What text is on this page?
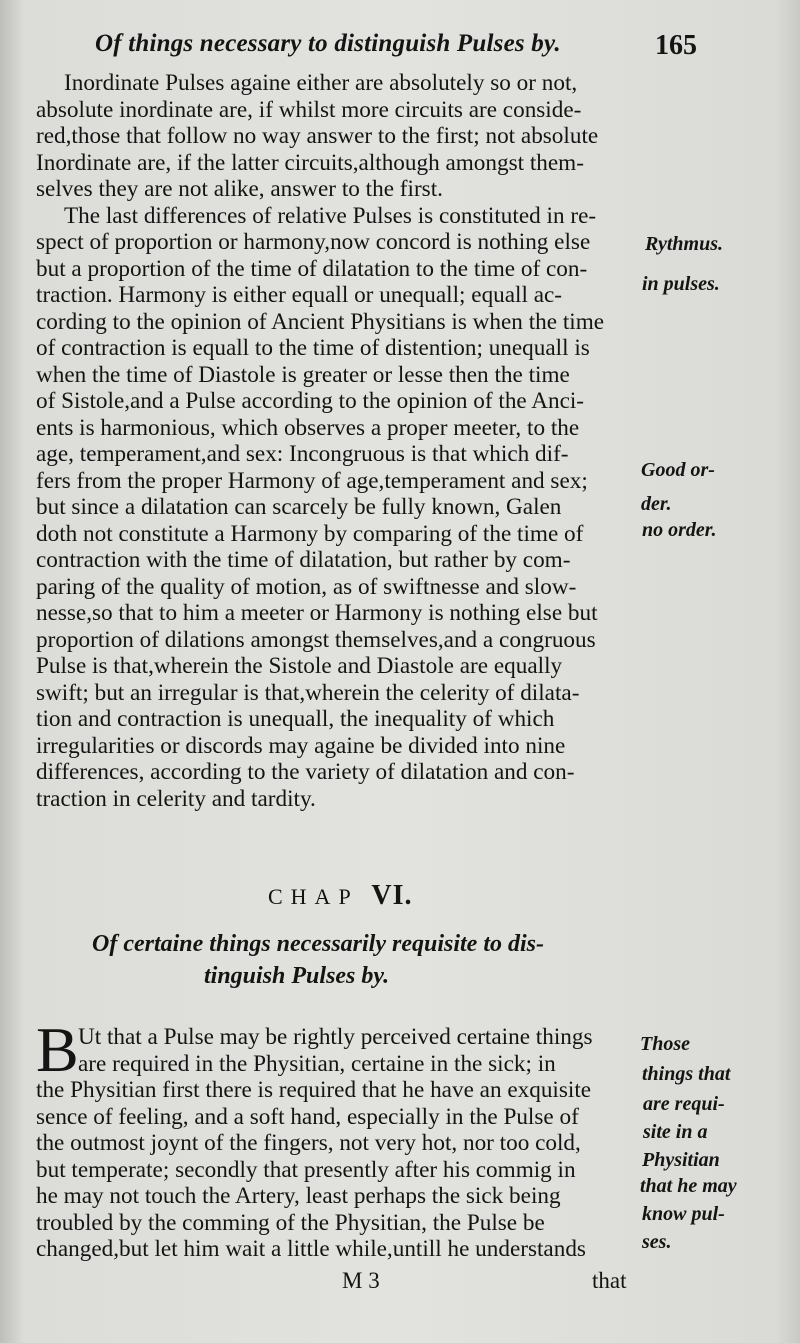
Of things necessary to distinguish Pulses by.	165
Inordinate Pulses againe either are absolutely so or not,
absolute inordinate are, if whilst more circuits are conside-
red,those that follow no way answer to the first; not absolute
Inordinate are, if the latter circuits,although amongst them-
selves they are not alike, answer to the first.
The last differences of relative Pulses is constituted in re-
spect of proportion or harmony,now concord is nothing else
but a proportion of the time of dilatation to the time of con-
traction. Harmony is either equall or unequall; equall ac-
cording to the opinion of Ancient Physitians is when the time
of contraction is equall to the time of distention; unequall is
when the time of Diastole is greater or lesse then the time
of Sistole,and a Pulse according to the opinion of the Anci-
ents is harmonious, which observes a proper meeter, to the
age, temperament,and sex: Incongruous is that which dif-
fers from the proper Harmony of age,temperament and sex;
but since a dilatation can scarcely be fully known, Galen
doth not constitute a Harmony by comparing of the time of
contraction with the time of dilatation, but rather by com-
paring of the quality of motion, as of swiftnesse and slow-
nesse,so that to him a meeter or Harmony is nothing else but
proportion of dilations amongst themselves,and a congruous
Pulse is that,wherein the Sistole and Diastole are equally
swift; but an irregular is that,wherein the celerity of dilata-
tion and contraction is unequall, the inequality of which
irregularities or discords may againe be divided into nine
differences, according to the variety of dilatation and con-
traction in celerity and tardity.
Rythmus.
in pulses.
Good or-
der.
no order.
CHAP VI.
Of certaine things necessarily requisite to dis-
tinguish Pulses by.
B Ut that a Pulse may be rightly perceived certaine things
are required in the Physitian, certaine in the sick; in
the Physitian first there is required that he have an exquisite
sence of feeling, and a soft hand, especially in the Pulse of
the outmost joynt of the fingers, not very hot, nor too cold,
but temperate; secondly that presently after his commig in
he may not touch the Artery, least perhaps the sick being
troubled by the comming of the Physitian, the Pulse be
changed,but let him wait a little while,untill he understands
Those
things that
are requi-
site in a
Physitian
that he may
know pul-
ses.
M 3	that
